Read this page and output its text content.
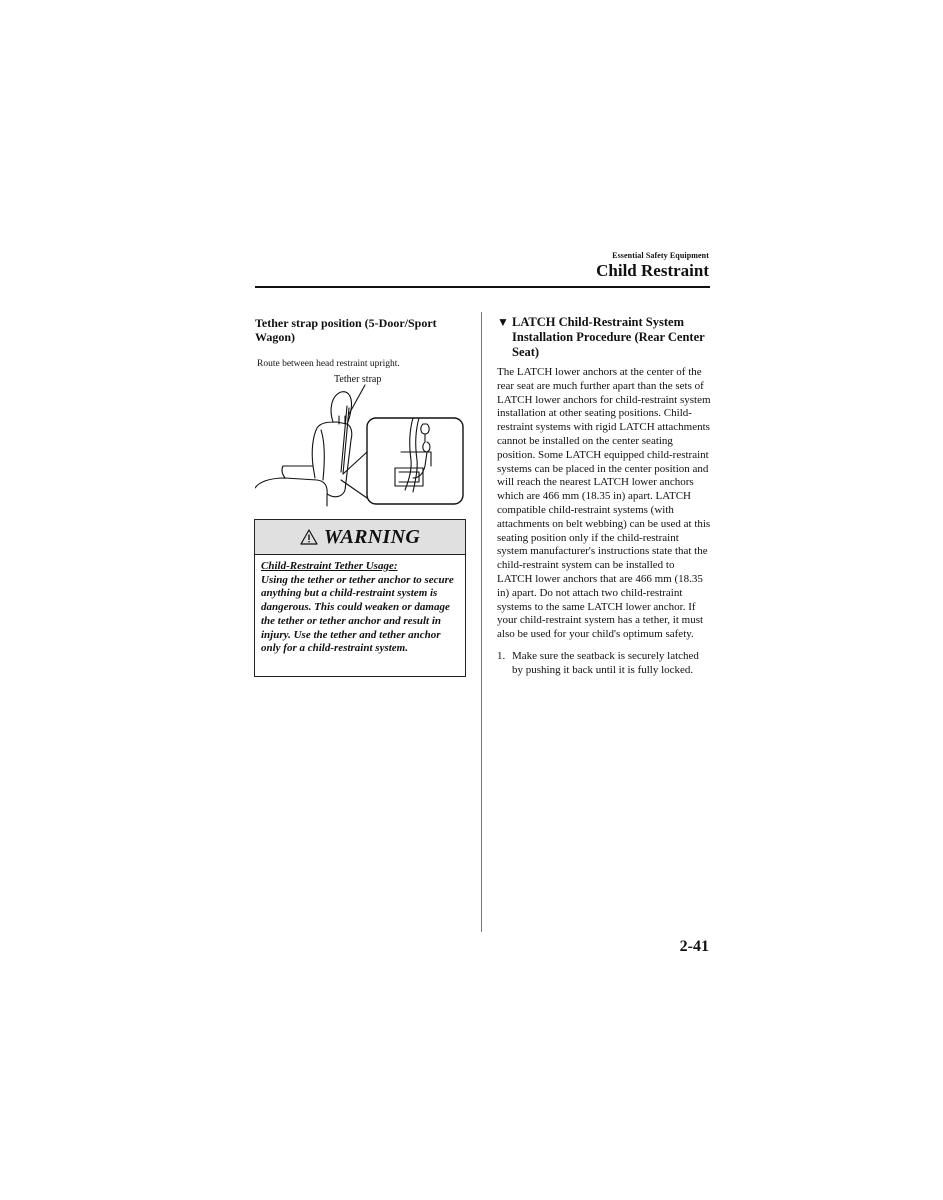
Essential Safety Equipment
Child Restraint

Tether strap position (5-Door/Sport Wagon)

Route between head restraint upright.

Tether strap
WARNING
Child-Restraint Tether Usage:
Using the tether or tether anchor to secure anything but a child-restraint system is dangerous. This could weaken or damage the tether or tether anchor and result in injury. Use the tether and tether anchor only for a child-restraint system.
▼ LATCH Child-Restraint System Installation Procedure (Rear Center Seat)

The LATCH lower anchors at the center of the rear seat are much further apart than the sets of LATCH lower anchors for child-restraint system installation at other seating positions. Child-restraint systems with rigid LATCH attachments cannot be installed on the center seating position. Some LATCH equipped child-restraint systems can be placed in the center position and will reach the nearest LATCH lower anchors which are 466 mm (18.35 in) apart. LATCH compatible child-restraint systems (with attachments on belt webbing) can be used at this seating position only if the child-restraint system manufacturer's instructions state that the child-restraint system can be installed to LATCH lower anchors that are 466 mm (18.35 in) apart. Do not attach two child-restraint systems to the same LATCH lower anchor. If your child-restraint system has a tether, it must also be used for your child's optimum safety.

1. Make sure the seatback is securely latched by pushing it back until it is fully locked.
2-41
